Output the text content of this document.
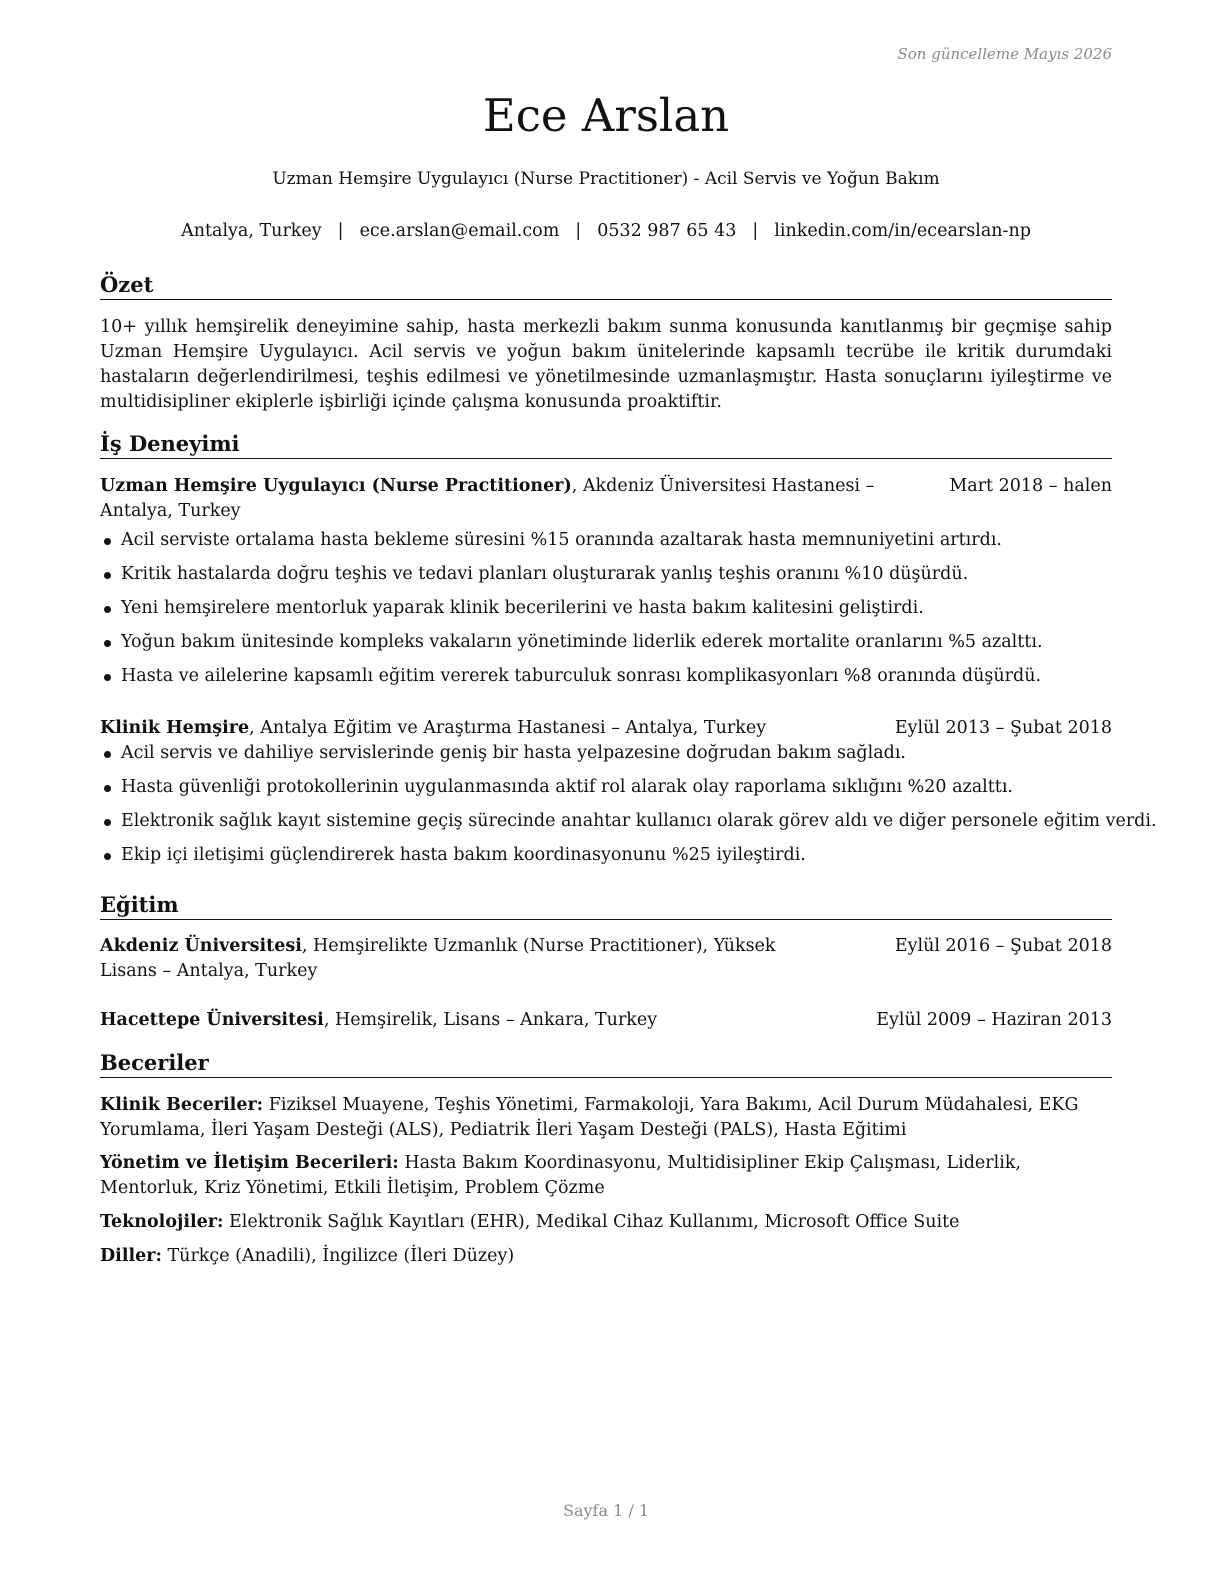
Son güncelleme Mayıs 2026
Ece Arslan
Uzman Hemşire Uygulayıcı (Nurse Practitioner) - Acil Servis ve Yoğun Bakım
Antalya, Turkey | ece.arslan@email.com | 0532 987 65 43 | linkedin.com/in/ecearslan-np
Özet
10+ yıllık hemşirelik deneyimine sahip, hasta merkezli bakım sunma konusunda kanıtlanmış bir geçmişe sahip Uzman Hemşire Uygulayıcı. Acil servis ve yoğun bakım ünitelerinde kapsamlı tecrübe ile kritik durumdaki hastaların değerlendirilmesi, teşhis edilmesi ve yönetilmesinde uzmanlaşmıştır. Hasta sonuçlarını iyileştirme ve multidisipliner ekiplerle işbirliği içinde çalışma konusunda proaktiftir.
İş Deneyimi
Uzman Hemşire Uygulayıcı (Nurse Practitioner), Akdeniz Üniversitesi Hastanesi – Antalya, Turkey
Mart 2018 – halen
Acil serviste ortalama hasta bekleme süresini %15 oranında azaltarak hasta memnuniyetini artırdı.
Kritik hastalarda doğru teşhis ve tedavi planları oluşturarak yanlış teşhis oranını %10 düşürdü.
Yeni hemşirelere mentorluk yaparak klinik becerilerini ve hasta bakım kalitesini geliştirdi.
Yoğun bakım ünitesinde kompleks vakaların yönetiminde liderlik ederek mortalite oranlarını %5 azalttı.
Hasta ve ailelerine kapsamlı eğitim vererek taburculuk sonrası komplikasyonları %8 oranında düşürdü.
Klinik Hemşire, Antalya Eğitim ve Araştırma Hastanesi – Antalya, Turkey	Eylül 2013 – Şubat 2018
Acil servis ve dahiliye servislerinde geniş bir hasta yelpazesine doğrudan bakım sağladı.
Hasta güvenliği protokollerinin uygulanmasında aktif rol alarak olay raporlama sıklığını %20 azalttı.
Elektronik sağlık kayıt sistemine geçiş sürecinde anahtar kullanıcı olarak görev aldı ve diğer personele eğitim verdi.
Ekip içi iletişimi güçlendirerek hasta bakım koordinasyonunu %25 iyileştirdi.
Eğitim
Akdeniz Üniversitesi, Hemşirelikte Uzmanlık (Nurse Practitioner), Yüksek Lisans – Antalya, Turkey
Eylül 2016 – Şubat 2018
Hacettepe Üniversitesi, Hemşirelik, Lisans – Ankara, Turkey	Eylül 2009 – Haziran 2013
Beceriler
Klinik Beceriler: Fiziksel Muayene, Teşhis Yönetimi, Farmakoloji, Yara Bakımı, Acil Durum Müdahalesi, EKG Yorumlama, İleri Yaşam Desteği (ALS), Pediatrik İleri Yaşam Desteği (PALS), Hasta Eğitimi
Yönetim ve İletişim Becerileri: Hasta Bakım Koordinasyonu, Multidisipliner Ekip Çalışması, Liderlik, Mentorluk, Kriz Yönetimi, Etkili İletişim, Problem Çözme
Teknolojiler: Elektronik Sağlık Kayıtları (EHR), Medikal Cihaz Kullanımı, Microsoft Office Suite
Diller: Türkçe (Anadili), İngilizce (İleri Düzey)
Sayfa 1 / 1
